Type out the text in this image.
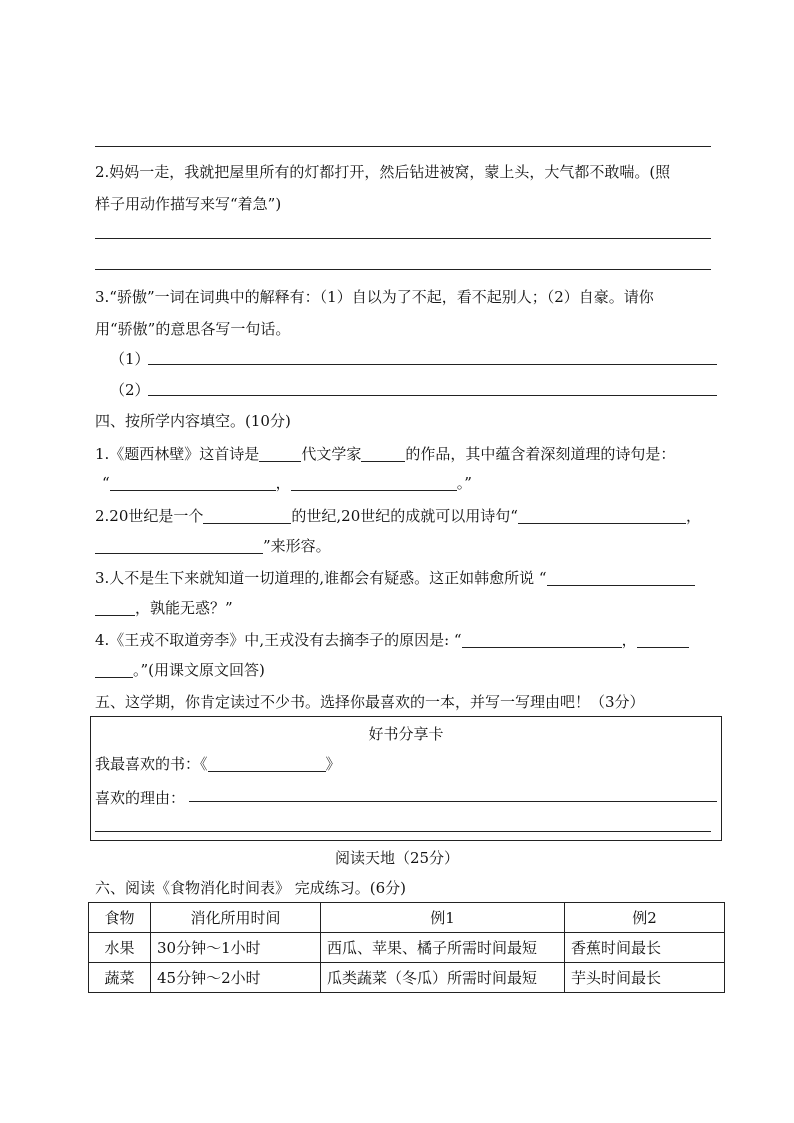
2.妈妈一走，我就把屋里所有的灯都打开，然后钻进被窝，蒙上头，大气都不敢喘。(照
样子用动作描写来写“着急”)
3.“骄傲”一词在词典中的解释有：（1）自以为了不起，看不起别人；（2）自豪。请你
用“骄傲”的意思各写一句话。
（1）
（2）
四、按所学内容填空。(10分)
1.《题西林壁》这首诗是	代文学家	的作品，其中蕴含着深刻道理的诗句是：
“	，	。”
2.20世纪是一个	的世纪,20世纪的成就可以用诗句“	，
”来形容。
3.人不是生下来就知道一切道理的,谁都会有疑惑。这正如韩愈所说 “
，孰能无惑？”
4.《王戎不取道旁李》中,王戎没有去摘李子的原因是: “	，
。”(用课文原文回答)
五、这学期，你肯定读过不少书。选择你最喜欢的一本，并写一写理由吧！（3分）
好书分享卡
我最喜欢的书：《	》
喜欢的理由：
阅读天地（25分）
六、阅读《食物消化时间表》 完成练习。(6分)
食物	消化所用时间	例1	例2
水果	30分钟～1小时	西瓜、苹果、橘子所需时间最短	香蕉时间最长
蔬菜	45分钟～2小时	瓜类蔬菜（冬瓜）所需时间最短	芋头时间最长
